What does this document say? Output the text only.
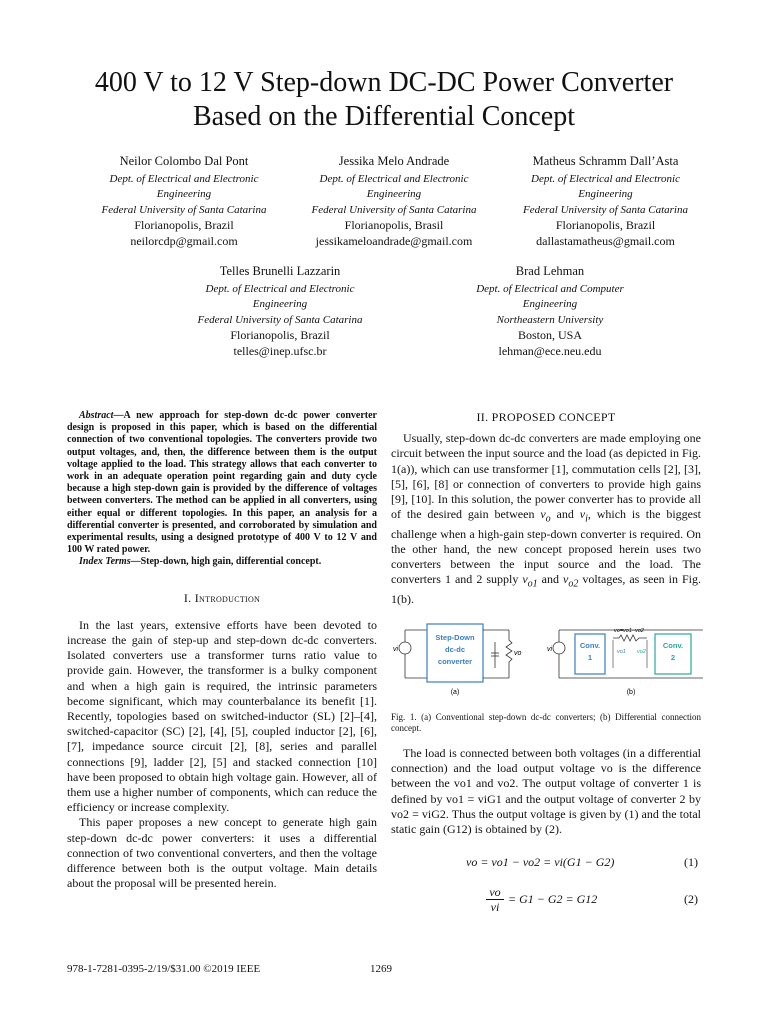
400 V to 12 V Step-down DC-DC Power Converter
Based on the Differential Concept
Neilor Colombo Dal Pont
Dept. of Electrical and Electronic
Engineering
Federal University of Santa Catarina
Florianopolis, Brazil
neilorcdp@gmail.com
Jessika Melo Andrade
Dept. of Electrical and Electronic
Engineering
Federal University of Santa Catarina
Florianopolis, Brasil
jessikameloandrade@gmail.com
Matheus Schramm Dall’Asta
Dept. of Electrical and Electronic
Engineering
Federal University of Santa Catarina
Florianopolis, Brazil
dallastamatheus@gmail.com
Telles Brunelli Lazzarin
Dept. of Electrical and Electronic
Engineering
Federal University of Santa Catarina
Florianopolis, Brazil
telles@inep.ufsc.br
Brad Lehman
Dept. of Electrical and Computer
Engineering
Northeastern University
Boston, USA
lehman@ece.neu.edu

Abstract—A new approach for step-down dc-dc power converter design is proposed in this paper, which is based on the differential connection of two conventional topologies. The converters provide two output voltages, and, then, the difference between them is the output voltage applied to the load. This strategy allows that each converter to work in an adequate operation point regarding gain and duty cycle because a high step-down gain is provided by the difference of voltages between converters. The method can be applied in all converters, using either equal or different topologies. In this paper, an analysis for a differential converter is presented, and corroborated by simulation and experimental results, using a designed prototype of 400 V to 12 V and 100 W rated power.

Index Terms—Step-down, high gain, differential concept.

I. Introduction

In the last years, extensive efforts have been devoted to increase the gain of step-up and step-down dc-dc converters. Isolated converters use a transformer turns ratio value to provide gain. However, the transformer is a bulky component and when a high gain is required, the intrinsic parameters become significant, which may counterbalance its benefit [1]. Recently, topologies based on switched-inductor (SL) [2]–[4], switched-capacitor (SC) [2], [4], [5], coupled inductor [2], [6], [7], impedance source circuit [2], [8], series and parallel connections [9], ladder [2], [5] and stacked connection [10] have been proposed to obtain high voltage gain. However, all of them use a higher number of components, which can reduce the efficiency or increase complexity.

This paper proposes a new concept to generate high gain step-down dc-dc power converters: it uses a differential connection of two conventional converters, and then the voltage difference between both is the output voltage. Main details about the proposal will be presented herein.

II. PROPOSED CONCEPT

Usually, step-down dc-dc converters are made employing one circuit between the input source and the load (as depicted in Fig. 1(a)), which can use transformer [1], commutation cells [2], [3], [5], [6], [8] or connection of converters to provide high gains [9], [10]. In this solution, the power converter has to provide all of the desired gain between $v_o$ and $v_i$, which is the biggest challenge when a high-gain step-down converter is required. On the other hand, the new concept proposed herein uses two converters between the input source and the load. The converters 1 and 2 supply $v_{o1}$ and $v_{o2}$ voltages, as seen in Fig. 1(b).

vi
Step-Down
dc-dc
converter
vo
(a)
vi	Conv.
1
Conv.
2
vo=vo1−vo2
vo1 vo2
(b)

Fig. 1. (a) Conventional step-down dc-dc converters; (b) Differential connection concept.

The load is connected between both voltages (in a differential connection) and the load output voltage vo is the difference between the vo1 and vo2. The output voltage of converter 1 is defined by vo1 = viG1 and the output voltage of converter 2 by vo2 = viG2. Thus the output voltage is given by (1) and the total static gain (G12) is obtained by (2).

vo = vo1 − vo2 = vi(G1 − G2)	(1)
$\frac{vo}{vi} = G1 - G2 = G12$	(2)
978-1-7281-0395-2/19/$31.00 ©2019 IEEE	1269
